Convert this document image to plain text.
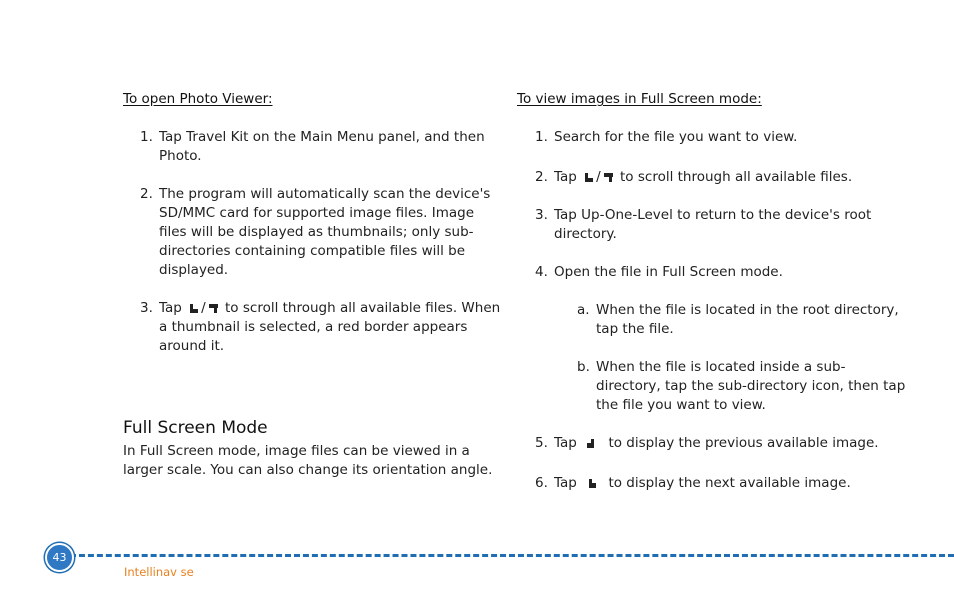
To open Photo Viewer:

1. Tap Travel Kit on the Main Menu panel, and then Photo.
2. The program will automatically scan the device's SD/MMC card for supported image files. Image files will be displayed as thumbnails; only sub-directories containing compatible files will be displayed.
3. Tap / to scroll through all available files. When a thumbnail is selected, a red border appears around it.
Full Screen Mode

In Full Screen mode, image files can be viewed in a larger scale. You can also change its orientation angle.

To view images in Full Screen mode:

1. Search for the file you want to view.
2. Tap / to scroll through all available files.
3. Tap Up-One-Level to return to the device's root directory.
4. Open the file in Full Screen mode.
a. When the file is located in the root directory, tap the file.
b. When the file is located inside a sub-directory, tap the sub-directory icon, then tap the file you want to view.
5. Tap to display the previous available image.
6. Tap to display the next available image.
43
Intellinav se
